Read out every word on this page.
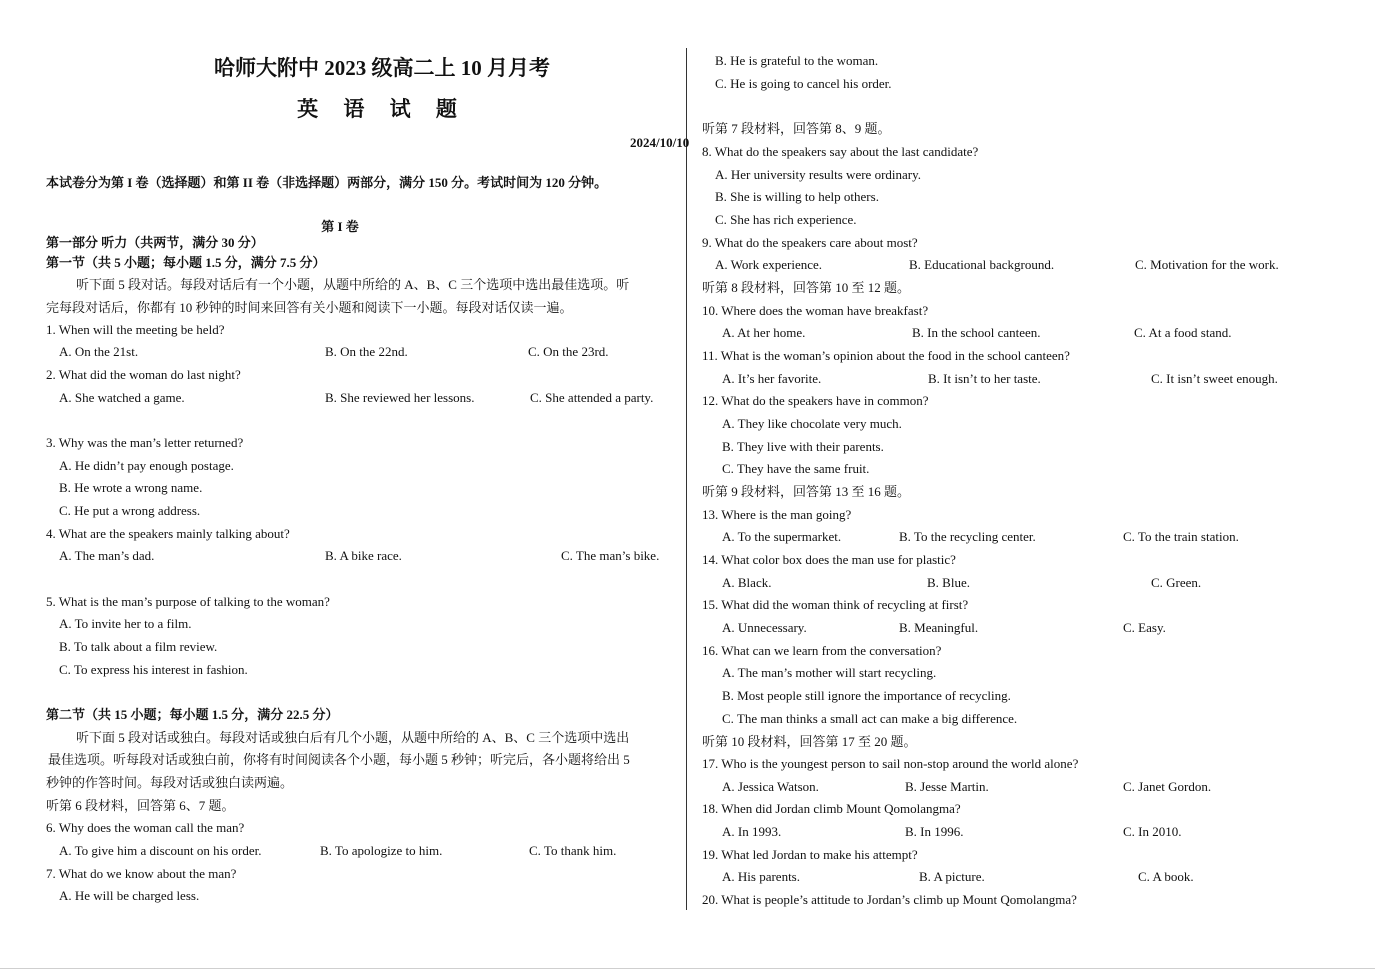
哈师大附中 2023 级高二上 10 月月考
英 语 试 题
2024/10/10
本试卷分为第 I 卷（选择题）和第 II 卷（非选择题）两部分，满分 150 分。考试时间为 120 分钟。
第 I 卷
第一部分 听力（共两节，满分 30 分）
第一节（共 5 小题；每小题 1.5 分，满分 7.5 分）
听下面 5 段对话。每段对话后有一个小题，从题中所给的 A、B、C 三个选项中选出最佳选项。听
完每段对话后，你都有 10 秒钟的时间来回答有关小题和阅读下一小题。每段对话仅读一遍。
1. When will the meeting be held?
A. On the 21st.	B. On the 22nd.	C. On the 23rd.
2. What did the woman do last night?
A. She watched a game.	B. She reviewed her lessons.	C. She attended a party.
3. Why was the man’s letter returned?
A. He didn’t pay enough postage.
B. He wrote a wrong name.
C. He put a wrong address.
4. What are the speakers mainly talking about?
A. The man’s dad.	B. A bike race.	C. The man’s bike.
5. What is the man’s purpose of talking to the woman?
A. To invite her to a film.
B. To talk about a film review.
C. To express his interest in fashion.
第二节（共 15 小题；每小题 1.5 分，满分 22.5 分）
听下面 5 段对话或独白。每段对话或独白后有几个小题，从题中所给的 A、B、C 三个选项中选出
最佳选项。听每段对话或独白前，你将有时间阅读各个小题，每小题 5 秒钟；听完后，各小题将给出 5
秒钟的作答时间。每段对话或独白读两遍。
听第 6 段材料，回答第 6、7 题。
6. Why does the woman call the man?
A. To give him a discount on his order.	B. To apologize to him.	C. To thank him.
7. What do we know about the man?
A. He will be charged less.
B. He is grateful to the woman.
C. He is going to cancel his order.
听第 7 段材料，回答第 8、9 题。
8. What do the speakers say about the last candidate?
A. Her university results were ordinary.
B. She is willing to help others.
C. She has rich experience.
9. What do the speakers care about most?
A. Work experience.	B. Educational background.	C. Motivation for the work.
听第 8 段材料，回答第 10 至 12 题。
10. Where does the woman have breakfast?
A. At her home.	B. In the school canteen.	C. At a food stand.
11. What is the woman’s opinion about the food in the school canteen?
A. It’s her favorite.	B. It isn’t to her taste.	C. It isn’t sweet enough.
12. What do the speakers have in common?
A. They like chocolate very much.
B. They live with their parents.
C. They have the same fruit.
听第 9 段材料，回答第 13 至 16 题。
13. Where is the man going?
A. To the supermarket.	B. To the recycling center.	C. To the train station.
14. What color box does the man use for plastic?
A. Black.	B. Blue.	C. Green.
15. What did the woman think of recycling at first?
A. Unnecessary.	B. Meaningful.	C. Easy.
16. What can we learn from the conversation?
A. The man’s mother will start recycling.
B. Most people still ignore the importance of recycling.
C. The man thinks a small act can make a big difference.
听第 10 段材料，回答第 17 至 20 题。
17. Who is the youngest person to sail non-stop around the world alone?
A. Jessica Watson.	B. Jesse Martin.	C. Janet Gordon.
18. When did Jordan climb Mount Qomolangma?
A. In 1993.	B. In 1996.	C. In 2010.
19. What led Jordan to make his attempt?
A. His parents.	B. A picture.	C. A book.
20. What is people’s attitude to Jordan’s climb up Mount Qomolangma?
